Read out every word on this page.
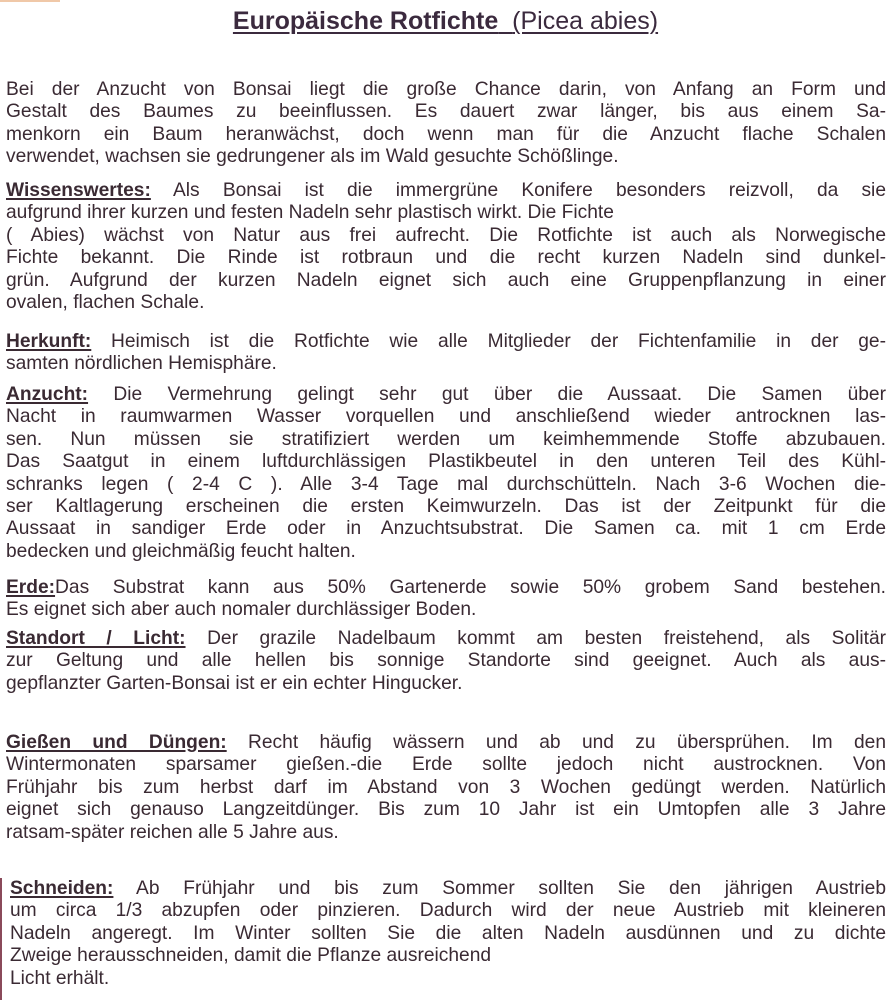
Europäische Rotfichte (Picea abies)
Bei der Anzucht von Bonsai liegt die große Chance darin, von Anfang an Form und
Gestalt des Baumes zu beeinflussen. Es dauert zwar länger, bis aus einem Sa-
menkorn ein Baum heranwächst, doch wenn man für die Anzucht flache Schalen
verwendet, wachsen sie gedrungener als im Wald gesuchte Schößlinge.
Wissenswertes: Als Bonsai ist die immergrüne Konifere besonders reizvoll, da sie
aufgrund ihrer kurzen und festen Nadeln sehr plastisch wirkt. Die Fichte
( Abies) wächst von Natur aus frei aufrecht. Die Rotfichte ist auch als Norwegische
Fichte bekannt. Die Rinde ist rotbraun und die recht kurzen Nadeln sind dunkel-
grün. Aufgrund der kurzen Nadeln eignet sich auch eine Gruppenpflanzung in einer
ovalen, flachen Schale.
Herkunft: Heimisch ist die Rotfichte wie alle Mitglieder der Fichtenfamilie in der ge-
samten nördlichen Hemisphäre.
Anzucht: Die Vermehrung gelingt sehr gut über die Aussaat. Die Samen über
Nacht in raumwarmen Wasser vorquellen und anschließend wieder antrocknen las-
sen. Nun müssen sie stratifiziert werden um keimhemmende Stoffe abzubauen.
Das Saatgut in einem luftdurchlässigen Plastikbeutel in den unteren Teil des Kühl-
schranks legen ( 2-4 C ). Alle 3-4 Tage mal durchschütteln. Nach 3-6 Wochen die-
ser Kaltlagerung erscheinen die ersten Keimwurzeln. Das ist der Zeitpunkt für die
Aussaat in sandiger Erde oder in Anzuchtsubstrat. Die Samen ca. mit 1 cm Erde
bedecken und gleichmäßig feucht halten.
Erde:Das Substrat kann aus 50% Gartenerde sowie 50% grobem Sand bestehen.
Es eignet sich aber auch nomaler durchlässiger Boden.
Standort / Licht: Der grazile Nadelbaum kommt am besten freistehend, als Solitär
zur Geltung und alle hellen bis sonnige Standorte sind geeignet. Auch als aus-
gepflanzter Garten-Bonsai ist er ein echter Hingucker.
Gießen und Düngen: Recht häufig wässern und ab und zu übersprühen. Im den
Wintermonaten sparsamer gießen.-die Erde sollte jedoch nicht austrocknen. Von
Frühjahr bis zum herbst darf im Abstand von 3 Wochen gedüngt werden. Natürlich
eignet sich genauso Langzeitdünger. Bis zum 10 Jahr ist ein Umtopfen alle 3 Jahre
ratsam-später reichen alle 5 Jahre aus.
Schneiden: Ab Frühjahr und bis zum Sommer sollten Sie den jährigen Austrieb
um circa 1/3 abzupfen oder pinzieren. Dadurch wird der neue Austrieb mit kleineren
Nadeln angeregt. Im Winter sollten Sie die alten Nadeln ausdünnen und zu dichte
Zweige herausschneiden, damit die Pflanze ausreichend
Licht erhält.
